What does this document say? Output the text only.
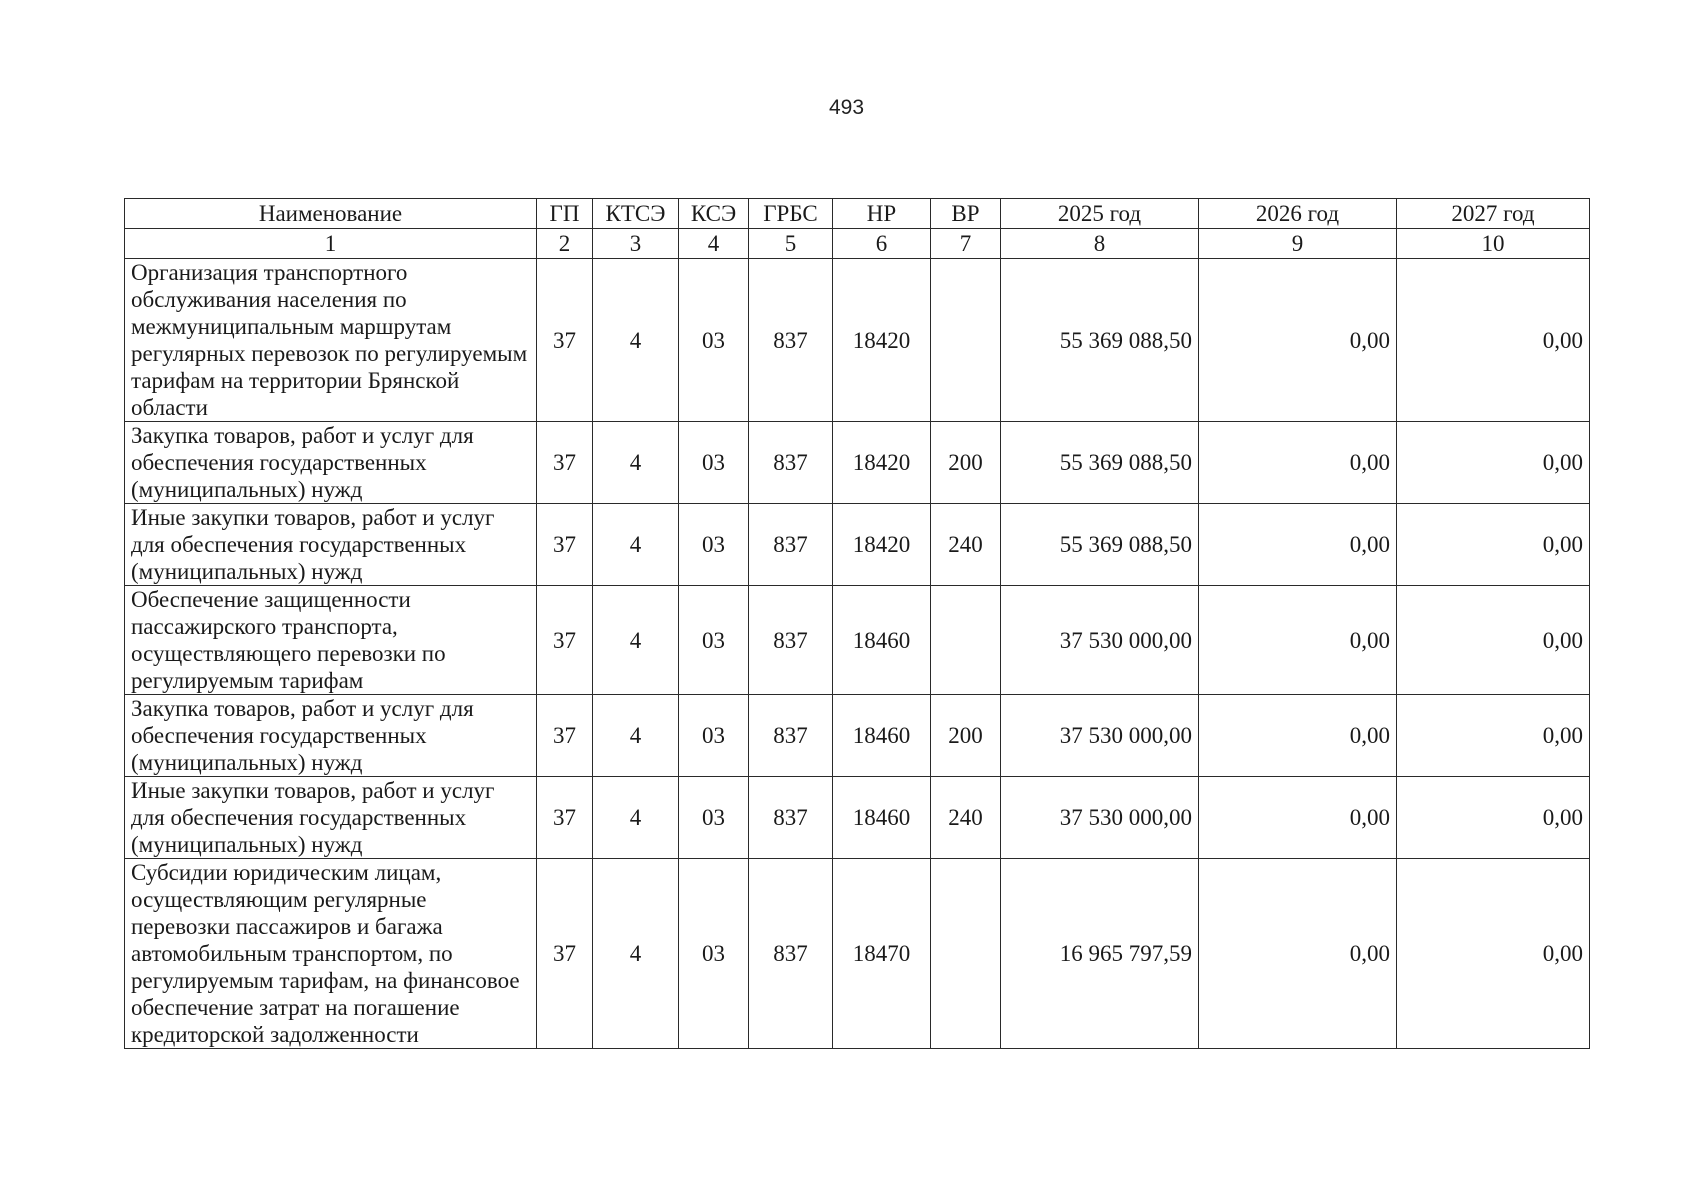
493
Наименование	ГП	КТСЭ	КСЭ	ГРБС	НР	ВР	2025 год	2026 год	2027 год
1	2	3	4	5	6	7	8	9	10
Организация транспортного обслуживания населения по межмуниципальным маршрутам регулярных перевозок по регулируемым тарифам на территории Брянской области	37	4	03	837	18420		55 369 088,50	0,00	0,00
Закупка товаров, работ и услуг для обеспечения государственных (муниципальных) нужд	37	4	03	837	18420	200	55 369 088,50	0,00	0,00
Иные закупки товаров, работ и услуг для обеспечения государственных (муниципальных) нужд	37	4	03	837	18420	240	55 369 088,50	0,00	0,00
Обеспечение защищенности пассажирского транспорта, осуществляющего перевозки по регулируемым тарифам	37	4	03	837	18460		37 530 000,00	0,00	0,00
Закупка товаров, работ и услуг для обеспечения государственных (муниципальных) нужд	37	4	03	837	18460	200	37 530 000,00	0,00	0,00
Иные закупки товаров, работ и услуг для обеспечения государственных (муниципальных) нужд	37	4	03	837	18460	240	37 530 000,00	0,00	0,00
Субсидии юридическим лицам, осуществляющим регулярные перевозки пассажиров и багажа автомобильным транспортом, по регулируемым тарифам, на финансовое обеспечение затрат на погашение кредиторской задолженности	37	4	03	837	18470		16 965 797,59	0,00	0,00
